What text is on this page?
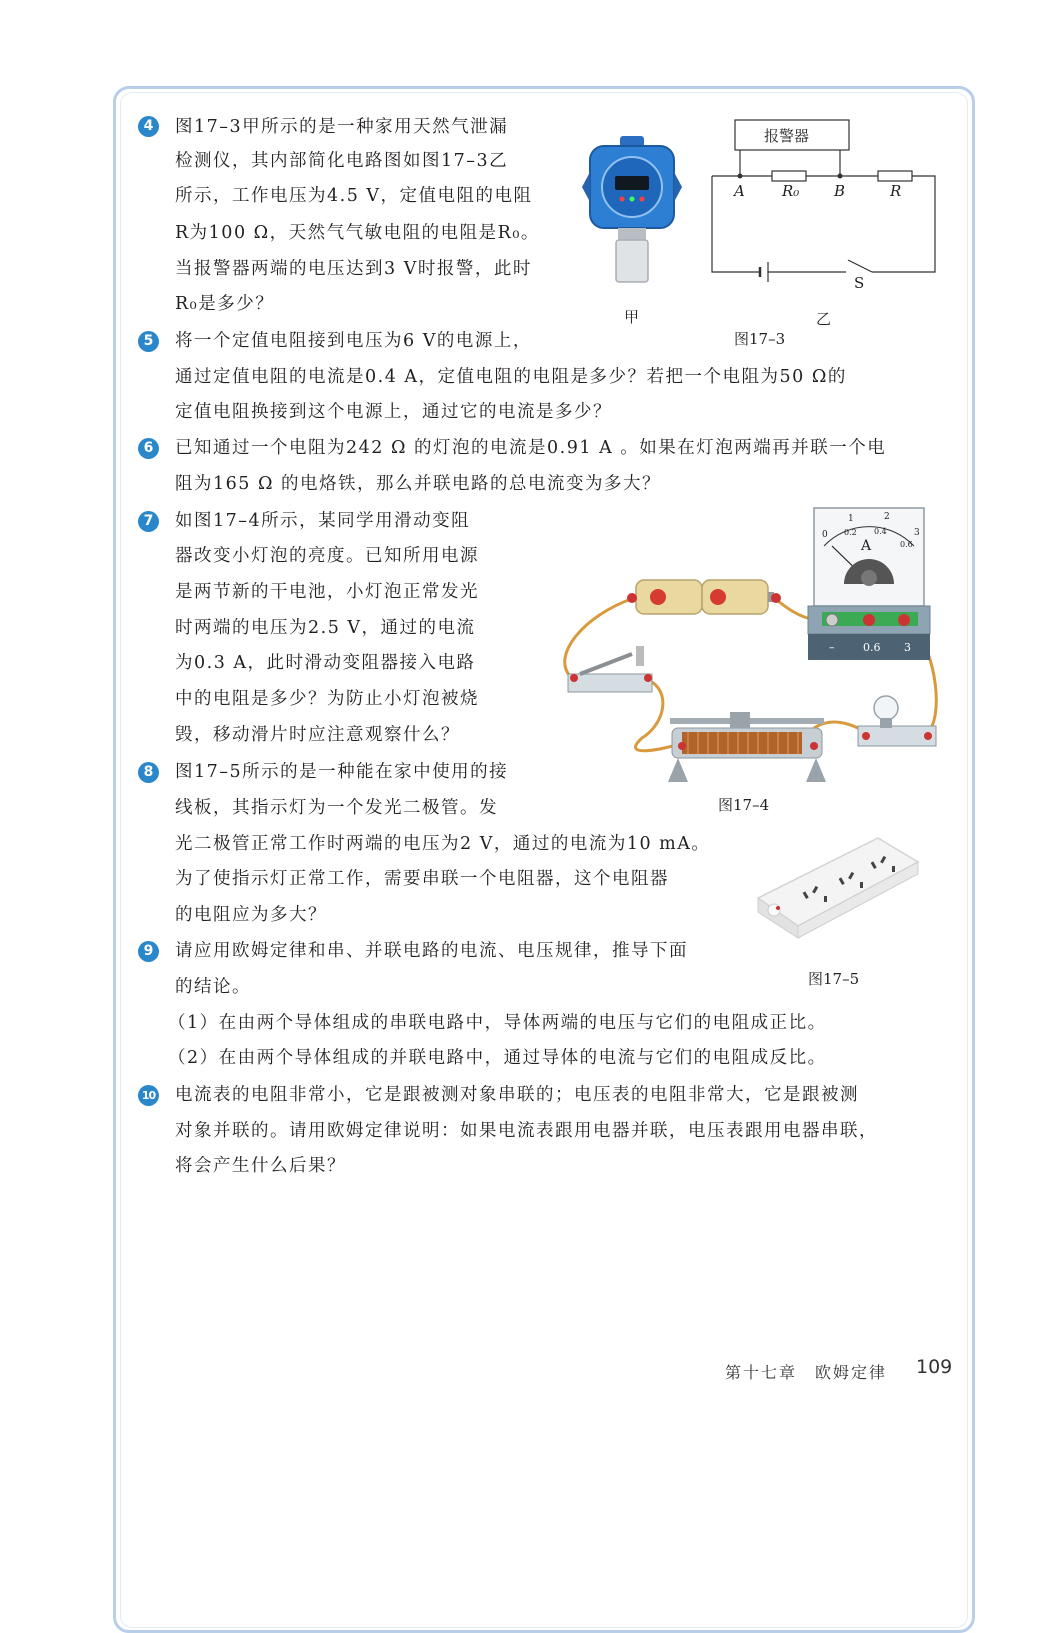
4	图17–3甲所示的是一种家用天然气泄漏
检测仪，其内部简化电路图如图17–3乙
所示，工作电压为4.5 V，定值电阻的电阻
R为100 Ω，天然气气敏电阻的电阻是R₀。
当报警器两端的电压达到3 V时报警，此时
R₀是多少？
甲
报警器
A R₀ B	R
S
乙
图17–3
5	将一个定值电阻接到电压为6 V的电源上，
通过定值电阻的电流是0.4 A，定值电阻的电阻是多少？若把一个电阻为50 Ω的
定值电阻换接到这个电源上，通过它的电流是多少？
6	已知通过一个电阻为242 Ω 的灯泡的电流是0.91 A 。如果在灯泡两端再并联一个电
阻为165 Ω 的电烙铁，那么并联电路的总电流变为多大？
7	如图17–4所示，某同学用滑动变阻
器改变小灯泡的亮度。已知所用电源
是两节新的干电池，小灯泡正常发光
时两端的电压为2.5 V，通过的电流
为0.3 A，此时滑动变阻器接入电路
中的电阻是多少？为防止小灯泡被烧
毁，移动滑片时应注意观察什么？
A
0
1	2
3
0.2 0.4
0.6
–	0.6 3
图17–4
8	图17–5所示的是一种能在家中使用的接
线板，其指示灯为一个发光二极管。发
光二极管正常工作时两端的电压为2 V，通过的电流为10 mA。
为了使指示灯正常工作，需要串联一个电阻器，这个电阻器
的电阻应为多大？
图17–5
9	请应用欧姆定律和串、并联电路的电流、电压规律，推导下面
的结论。
（1）在由两个导体组成的串联电路中，导体两端的电压与它们的电阻成正比。
（2）在由两个导体组成的并联电路中，通过导体的电流与它们的电阻成反比。
10 电流表的电阻非常小，它是跟被测对象串联的；电压表的电阻非常大，它是跟被测
对象并联的。请用欧姆定律说明：如果电流表跟用电器并联，电压表跟用电器串联，
将会产生什么后果？
第十七章　欧姆定律 109
